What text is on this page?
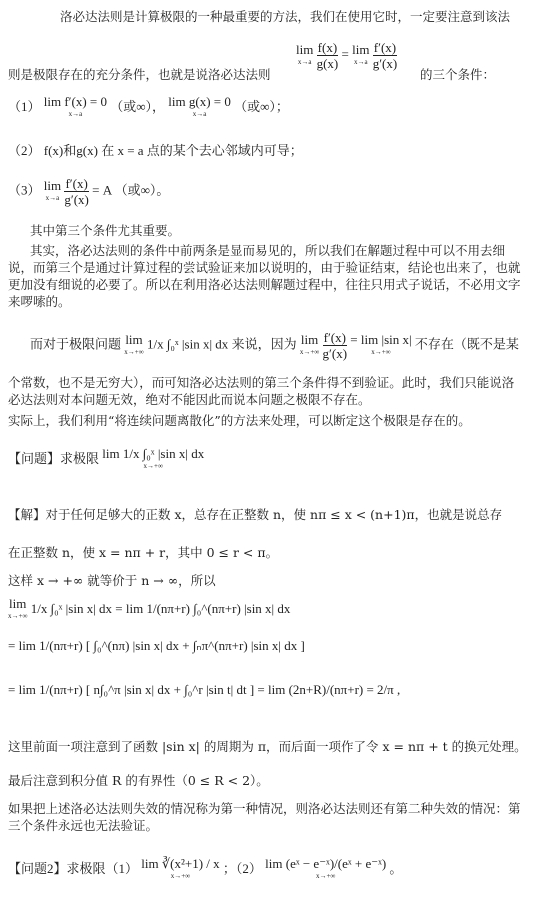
洛必达法则是计算极限的一种最重要的方法，我们在使用它时，一定要注意到该法
则是极限存在的充分条件，也就是说洛必达法则
lim
x→a
$\frac{f(x)}{g(x)} = \lim$
x→a
$\frac{f'(x)}{g'(x)}$
的三个条件：
（1） lim f′(x) = 0
x→a
（或∞）， lim g(x) = 0
x→a
（或∞）；
（2） f(x)和g(x) 在 x = a 点的某个去心邻域内可导；
（3） lim
x→a
$\frac{f'(x)}{g'(x)} = A$ （或∞）。
其中第三个条件尤其重要。
其实，洛必达法则的条件中前两条是显而易见的，所以我们在解题过程中可以不用去细说，而第三个是通过计算过程的尝试验证来加以说明的，由于验证结束，结论也出来了，也就更加没有细说的必要了。所以在利用洛必达法则解题过程中，往往只用式子说话，不必用文字来啰嗦的。
而对于极限问题 lim
x→+∞
1/x ∫₀ˣ |sin x| dx 来说，因为 lim
x→+∞
$\frac{f'(x)}{g'(x)} = \lim |\sin$ x|
x→+∞
不存在（既不是某
个常数，也不是无穷大），而可知洛必达法则的第三个条件得不到验证。此时，我们只能说洛必达法则对本问题无效，绝对不能因此而说本问题之极限不存在。
实际上，我们利用“将连续问题离散化”的方法来处理，可以断定这个极限是存在的。
【问题】求极限 lim 1/x ∫₀ˣ |sin x| dx
x→+∞
【解】对于任何足够大的正数 x，总存在正整数 n，使 nπ ≤ x < (n+1)π，也就是说总存
在正整数 n，使 x = nπ + r，其中 0 ≤ r < π。
这样 x → +∞ 就等价于 n → ∞，所以
lim
x→+∞
1/x ∫₀ˣ |sin x| dx = lim 1/(nπ+r) ∫₀^(nπ+r) |sin x| dx
= lim 1/(nπ+r) [ ∫₀^(nπ) |sin x| dx + ∫ₙπ^(nπ+r) |sin x| dx ]
= lim 1/(nπ+r) [ n∫₀^π |sin x| dx + ∫₀^r |sin t| dt ] = lim (2n+R)/(nπ+r) = 2/π ,
这里前面一项注意到了函数 |sin x| 的周期为 π，而后面一项作了令 x = nπ + t 的换元处理。
最后注意到积分值 R 的有界性（0 ≤ R < 2）。
如果把上述洛必达法则失效的情况称为第一种情况，则洛必达法则还有第二种失效的情况：第三个条件永远也无法验证。
【问题2】求极限（1） lim ∛(x²+1) / x
x→+∞
；（2） lim (eˣ − e⁻ˣ)/(eˣ + e⁻ˣ)
x→+∞
。
